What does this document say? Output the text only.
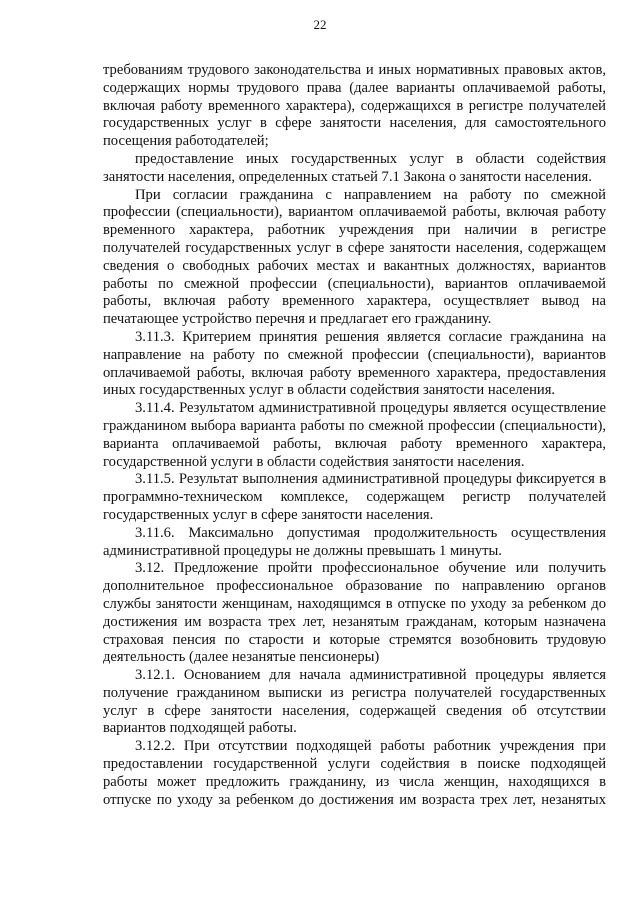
22

требованиям трудового законодательства и иных нормативных правовых актов, содержащих нормы трудового права (далее варианты оплачиваемой работы, включая работу временного характера), содержащихся в регистре получателей государственных услуг в сфере занятости населения, для самостоятельного посещения работодателей;

предоставление иных государственных услуг в области содействия занятости населения, определенных статьей 7.1 Закона о занятости населения.

При согласии гражданина с направлением на работу по смежной профессии (специальности), вариантом оплачиваемой работы, включая работу временного характера, работник учреждения при наличии в регистре получателей государственных услуг в сфере занятости населения, содержащем сведения о свободных рабочих местах и вакантных должностях, вариантов работы по смежной профессии (специальности), вариантов оплачиваемой работы, включая работу временного характера, осуществляет вывод на печатающее устройство перечня и предлагает его гражданину.

3.11.3. Критерием принятия решения является согласие гражданина на направление на работу по смежной профессии (специальности), вариантов оплачиваемой работы, включая работу временного характера, предоставления иных государственных услуг в области содействия занятости населения.

3.11.4. Результатом административной процедуры является осуществление гражданином выбора варианта работы по смежной профессии (специальности), варианта оплачиваемой работы, включая работу временного характера, государственной услуги в области содействия занятости населения.

3.11.5. Результат выполнения административной процедуры фиксируется в программно-техническом комплексе, содержащем регистр получателей государственных услуг в сфере занятости населения.

3.11.6. Максимально допустимая продолжительность осуществления административной процедуры не должны превышать 1 минуты.

3.12. Предложение пройти профессиональное обучение или получить дополнительное профессиональное образование по направлению органов службы занятости женщинам, находящимся в отпуске по уходу за ребенком до достижения им возраста трех лет, незанятым гражданам, которым назначена страховая пенсия по старости и которые стремятся возобновить трудовую деятельность (далее незанятые пенсионеры)

3.12.1. Основанием для начала административной процедуры является получение гражданином выписки из регистра получателей государственных услуг в сфере занятости населения, содержащей сведения об отсутствии вариантов подходящей работы.

3.12.2. При отсутствии подходящей работы работник учреждения при предоставлении государственной услуги содействия в поиске подходящей работы может предложить гражданину, из числа женщин, находящихся в отпуске по уходу за ребенком до достижения им возраста трех лет, незанятых
